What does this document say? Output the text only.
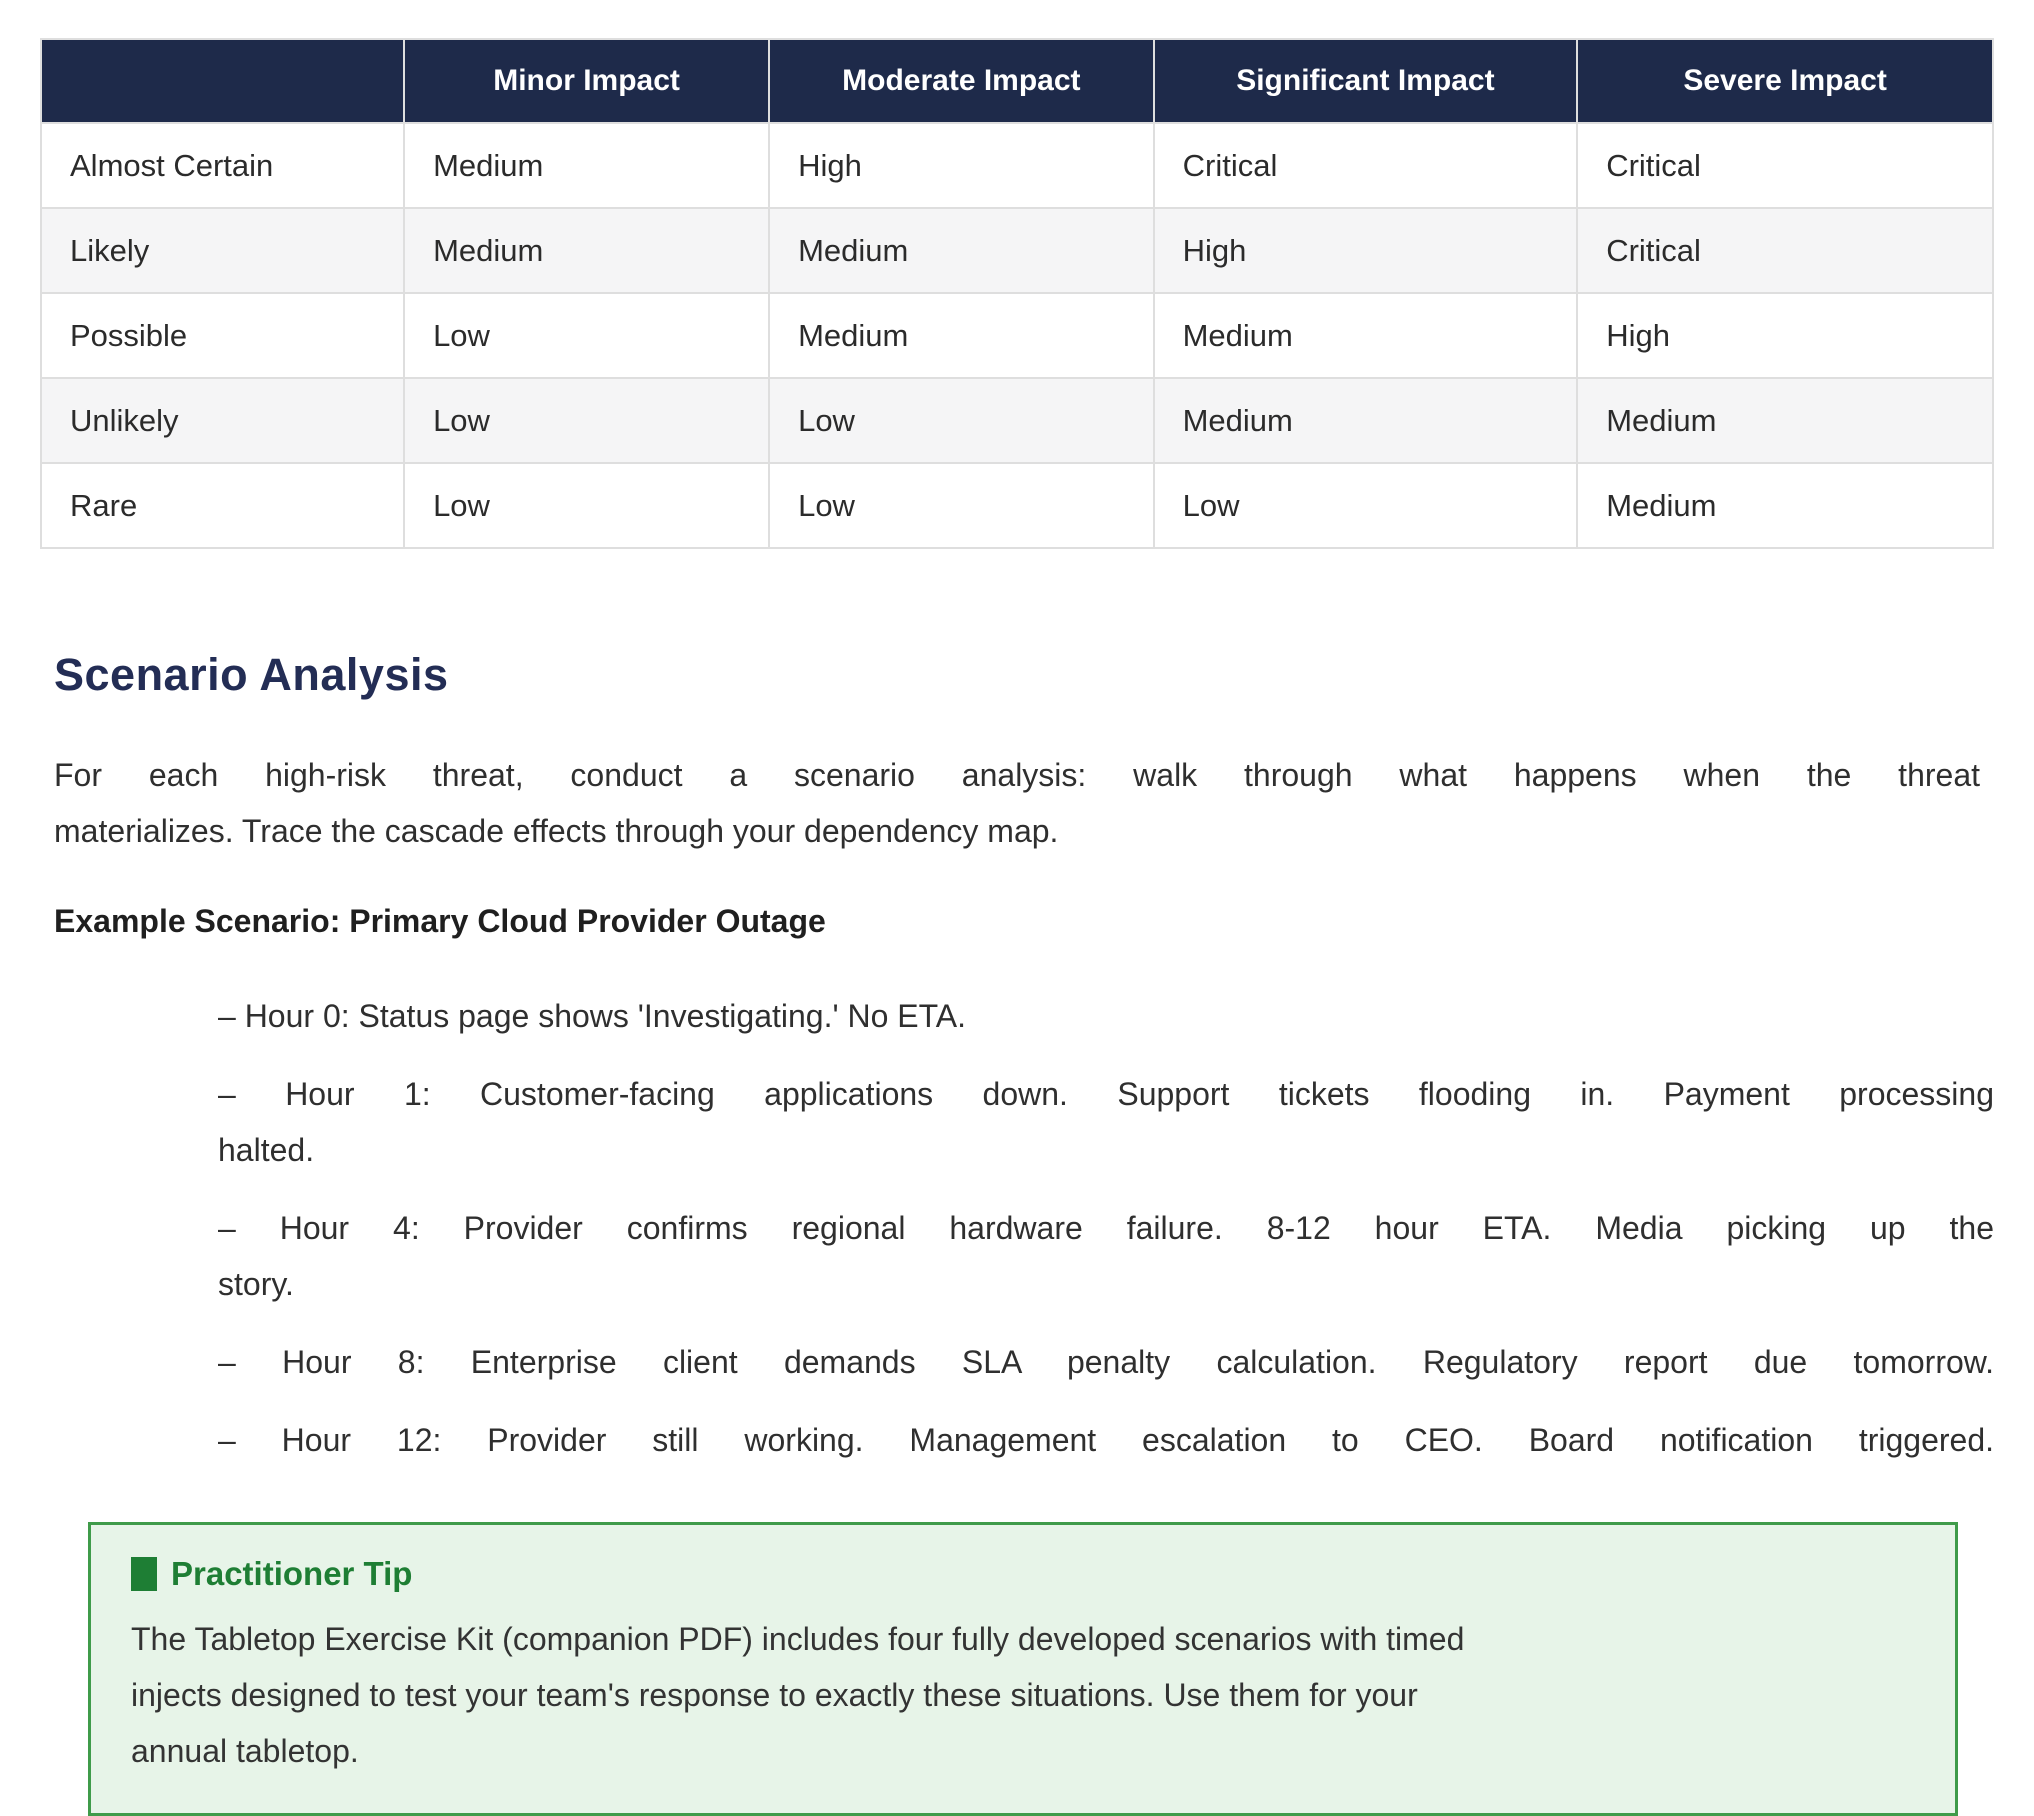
	Minor Impact	Moderate Impact	Significant Impact	Severe Impact
Almost Certain	Medium	High	Critical	Critical
Likely	Medium	Medium	High	Critical
Possible	Low	Medium	Medium	High
Unlikely	Low	Low	Medium	Medium
Rare	Low	Low	Low	Medium
Scenario Analysis

For each high-risk threat, conduct a scenario analysis: walk through what happens when the threat
materializes. Trace the cascade effects through your dependency map.

Example Scenario: Primary Cloud Provider Outage
– Hour 0: Status page shows 'Investigating.' No ETA.
– Hour 1: Customer-facing applications down. Support tickets flooding in. Payment processing
halted.
– Hour 4: Provider confirms regional hardware failure. 8-12 hour ETA. Media picking up the
story.
– Hour 8: Enterprise client demands SLA penalty calculation. Regulatory report due tomorrow.
– Hour 12: Provider still working. Management escalation to CEO. Board notification triggered.
Practitioner Tip
The Tabletop Exercise Kit (companion PDF) includes four fully developed scenarios with timed
injects designed to test your team's response to exactly these situations. Use them for your
annual tabletop.
